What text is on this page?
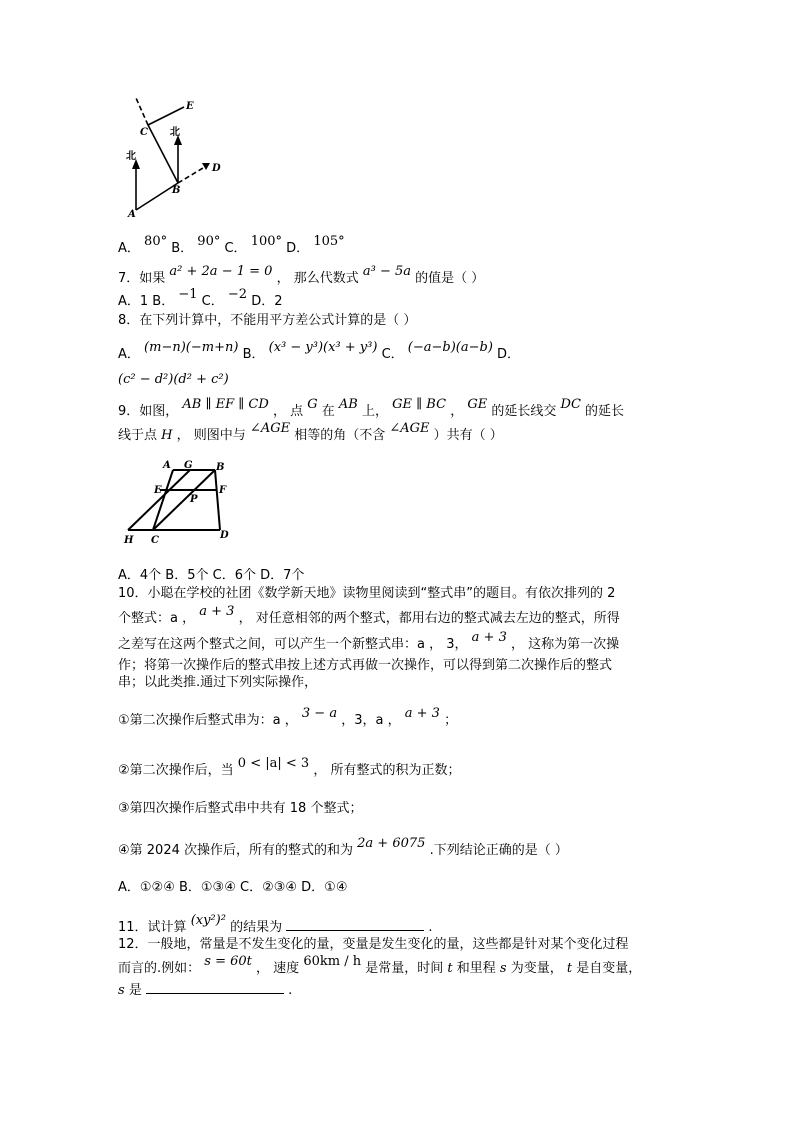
北
北
E
C
B
D
A
A． 80° B． 90° C． 100° D． 105°
7．如果 a² + 2a − 1 = 0 ， 那么代数式 a³ − 5a 的值是（ ）
A．1 B． −1 C． −2 D．2
8．在下列计算中，不能用平方差公式计算的是（ ）
A． (m−n)(−m+n) B． (x³ − y³)(x³ + y³) C． (−a−b)(a−b) D．
(c² − d²)(d² + c²)
9．如图， AB ∥ EF ∥ CD ， 点 G 在 AB 上， GE ∥ BC ， GE 的延长线交 DC 的延长
线于点 H ， 则图中与 ∠AGE 相等的角（不含 ∠AGE ）共有（ ）
A G B
E	F
P
H C	D
A．4个 B．5个 C．6个 D．7个
10．小聪在学校的社团《数学新天地》读物里阅读到“整式串”的题目。有依次排列的 2
个整式：a ， a + 3 ， 对任意相邻的两个整式，都用右边的整式减去左边的整式，所得
之差写在这两个整式之间，可以产生一个新整式串：a ， 3， a + 3 ， 这称为第一次操
作；将第一次操作后的整式串按上述方式再做一次操作，可以得到第二次操作后的整式
串；以此类推.通过下列实际操作，
①第二次操作后整式串为：a ， 3 − a ，3，a ， a + 3 ；
②第二次操作后，当 0 < |a| < 3 ， 所有整式的积为正数；
③第四次操作后整式串中共有 18 个整式；
④第 2024 次操作后，所有的整式的和为 2a + 6075 .下列结论正确的是（ ）
A．①②④ B．①③④ C．②③④ D．①④
11．试计算 (xy²)² 的结果为	.
12．一般地，常量是不发生变化的量，变量是发生变化的量，这些都是针对某个变化过程
而言的.例如： s = 60t ， 速度 60km / h 是常量，时间 t 和里程 s 为变量， t 是自变量，
s 是	.
